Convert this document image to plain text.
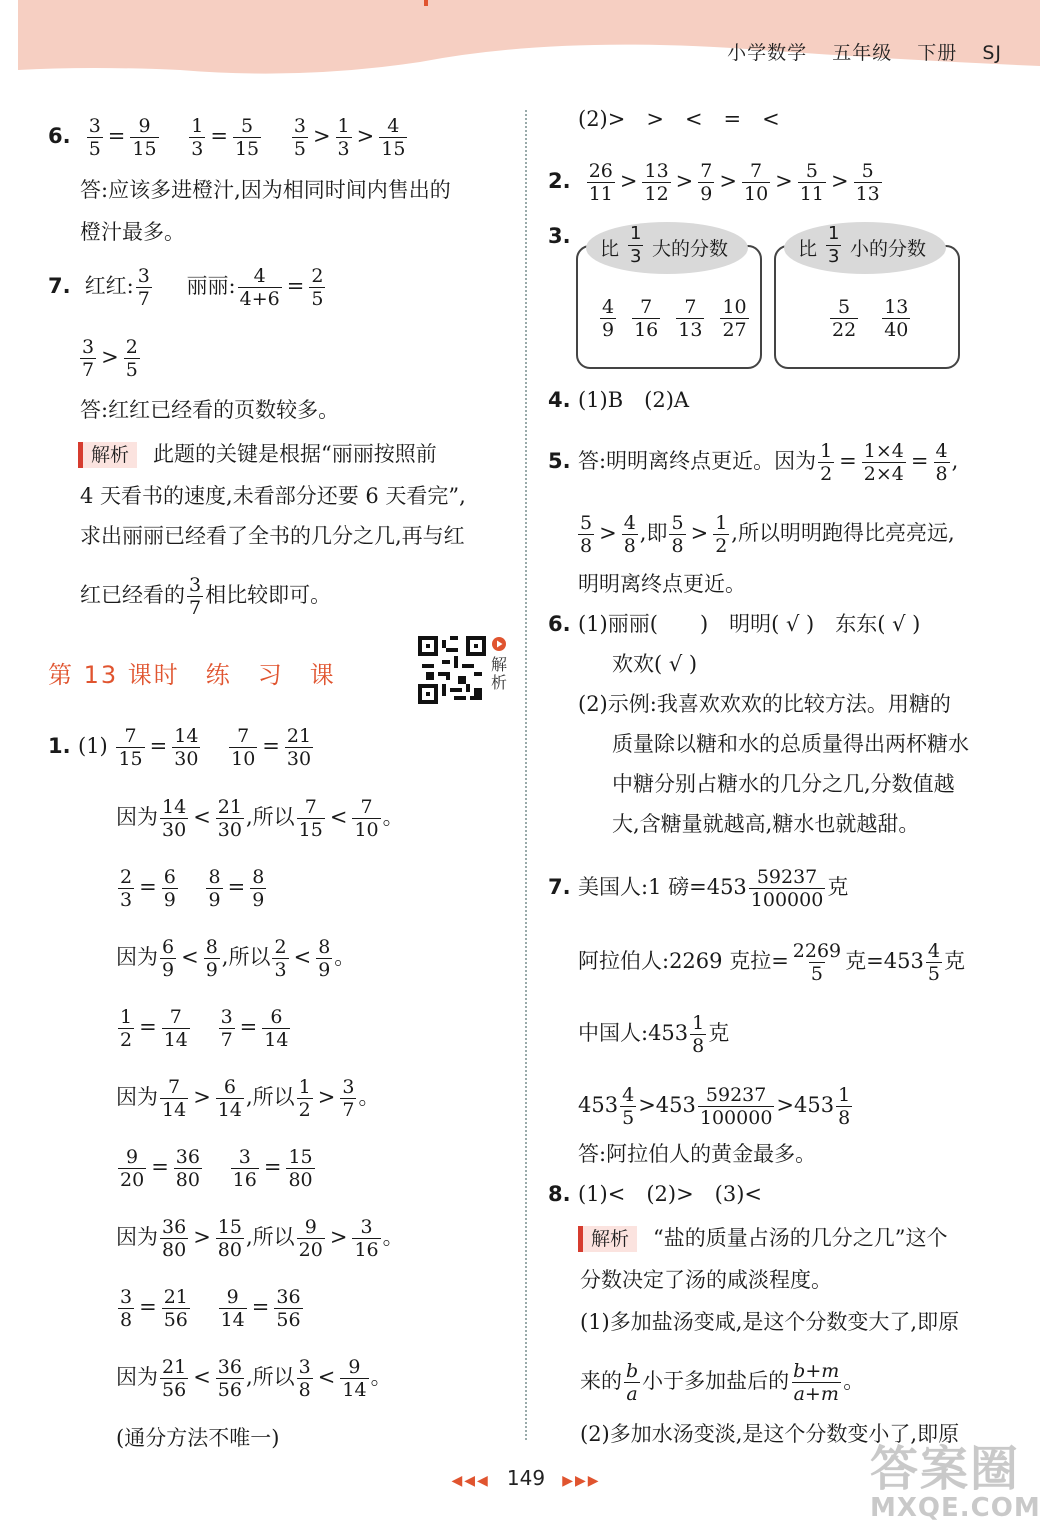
小学数学 五年级 下册 SJ
6. $\frac{3}{5} = \frac{9}{15}$
$\frac{1}{3} = \frac{5}{15}$
$\frac{3}{5} > \frac{1}{3} > \frac{4}{15}$
答:应该多进橙汁,因为相同时间内售出的
橙汁最多。
7. 红红: $\frac{3}{7}$ 丽丽: $\frac{4}{4+6} = \frac{2}{5}$
$\frac{3}{7} > \frac{2}{5}$
答:红红已经看的页数较多。
解析 此题的关键是根据“丽丽按照前
4 天看书的速度,未看部分还要 6 天看完”,
求出丽丽已经看了全书的几分之几,再与红
红已经看的 $\frac{3}{7}$ 相比较即可。
第 13 课时　练　习　课	解析
1. $(1) \frac{7}{15} = \frac{14}{30}$
$\frac{7}{10} = \frac{21}{30}$
因为 $\frac{14}{30} < \frac{21}{30}$ ,所以 $\frac{7}{15} < \frac{7}{10}$ 。
$\frac{2}{3} = \frac{6}{9}$
$\frac{8}{9} = \frac{8}{9}$
因为 $\frac{6}{9} < \frac{8}{9}$ ,所以 $\frac{2}{3} < \frac{8}{9}$ 。
$\frac{1}{2} = \frac{7}{14}$
$\frac{3}{7} = \frac{6}{14}$
因为 $\frac{7}{14} > \frac{6}{14}$ ,所以 $\frac{1}{2} > \frac{3}{7}$ 。
$\frac{9}{20} = \frac{36}{80}$
$\frac{3}{16} = \frac{15}{80}$
因为 $\frac{36}{80} > \frac{15}{80}$ ,所以 $\frac{9}{20} > \frac{3}{16}$ 。
$\frac{3}{8} = \frac{21}{56}$
$\frac{9}{14} = \frac{36}{56}$
因为 $\frac{21}{56} < \frac{36}{56}$ ,所以 $\frac{3}{8} < \frac{9}{14}$ 。
(通分方法不唯一)
(2)>　>　<　=　<
2. $\frac{26}{11} > \frac{13}{12} > \frac{7}{9} > \frac{7}{10} > \frac{5}{11} > \frac{5}{13}$
3.
比 $\frac{1}{3}$ 大的分数
$\frac{4}{9} \frac{7}{16} \frac{7}{13} \frac{10}{27}$
比 $\frac{1}{3}$ 小的分数
$\frac{5}{22} \frac{13}{40}$
4. (1)B　(2)A
5. 答:明明离终点更近。因为 $\frac{1}{2} = \frac{1\times 4}{2\times 4} = \frac{4}{8}$ ,
$\frac{5}{8} > \frac{4}{8}$ ,即 $\frac{5}{8} > \frac{1}{2}$ ,所以明明跑得比亮亮远,
明明离终点更近。
6. (1)丽丽(　　)　明明( √ )　东东( √ )
欢欢( √ )
(2)示例:我喜欢欢欢的比较方法。用糖的
质量除以糖和水的总质量得出两杯糖水
中糖分别占糖水的几分之几,分数值越
大,含糖量就越高,糖水也就越甜。
7. 美国人:1 磅$=453 \frac{59237}{100000}$ 克
阿拉伯人:2269 克拉= $\frac{2269}{5}$ 克$=453 \frac{4}{5}$ 克
中国人:453 $\frac{1}{8}$ 克
$453 \frac{4}{5} >453 \frac{59237}{100000} >453 \frac{1}{8}$
答:阿拉伯人的黄金最多。
8. (1)<　(2)>　(3)<
解析 “盐的质量占汤的几分之几”这个
分数决定了汤的咸淡程度。
(1)多加盐汤变咸,是这个分数变大了,即原
来的 $\frac{b}{a}$ 小于多加盐后的 $\frac{b+m}{a+m}$ 。
(2)多加水汤变淡,是这个分数变小了,即原
◀◀◀ 149 ▶▶▶	答案圈
MXQE.COM
